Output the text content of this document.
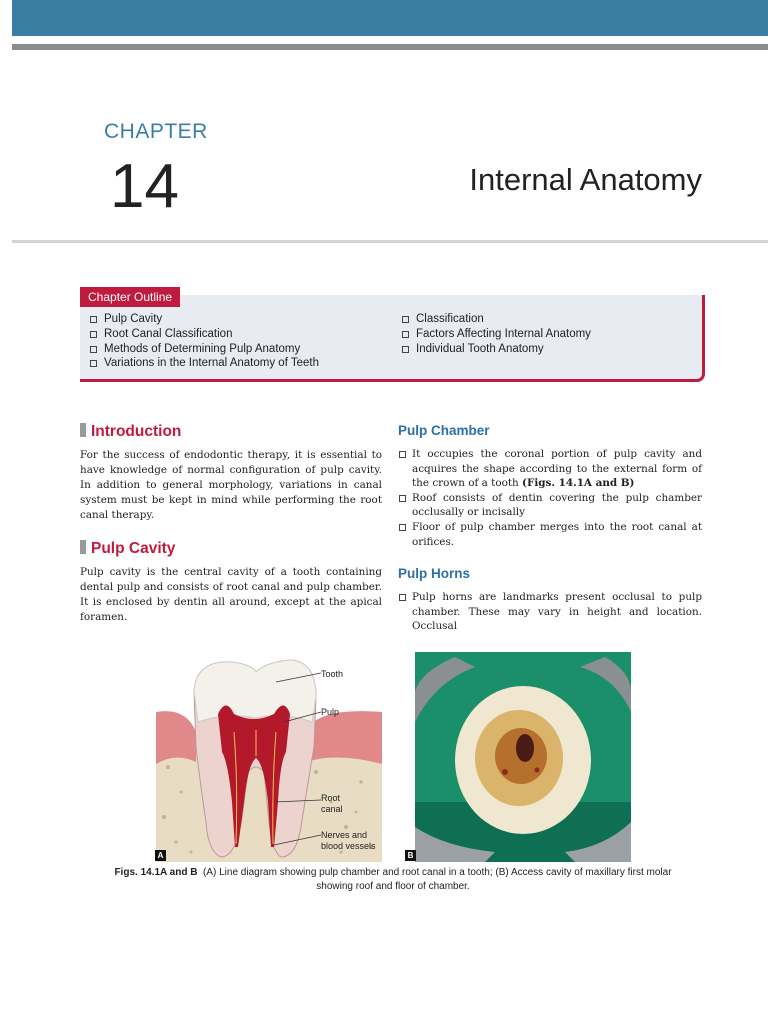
CHAPTER
14	Internal Anatomy
Chapter Outline
Pulp Cavity
Root Canal Classification
Methods of Determining Pulp Anatomy
Variations in the Internal Anatomy of Teeth
Classification
Factors Affecting Internal Anatomy
Individual Tooth Anatomy
Introduction

For the success of endodontic therapy, it is essential to have knowledge of normal configuration of pulp cavity. In addition to general morphology, variations in canal system must be kept in mind while performing the root canal therapy.

Pulp Cavity

Pulp cavity is the central cavity of a tooth containing dental pulp and consists of root canal and pulp chamber. It is enclosed by dentin all around, except at the apical foramen.

Pulp Chamber
It occupies the coronal portion of pulp cavity and acquires the shape according to the external form of the crown of a tooth (Figs. 14.1A and B)
Roof consists of dentin covering the pulp chamber occlusally or incisally
Floor of pulp chamber merges into the root canal at orifices.
Pulp Horns
Pulp horns are landmarks present occlusal to pulp chamber. These may vary in height and location. Occlusal
Tooth
Pulp
Root
canal
Nerves and
blood vessels
A	B
Figs. 14.1A and B (A) Line diagram showing pulp chamber and root canal in a tooth; (B) Access cavity of maxillary first molar showing roof and floor of chamber.
